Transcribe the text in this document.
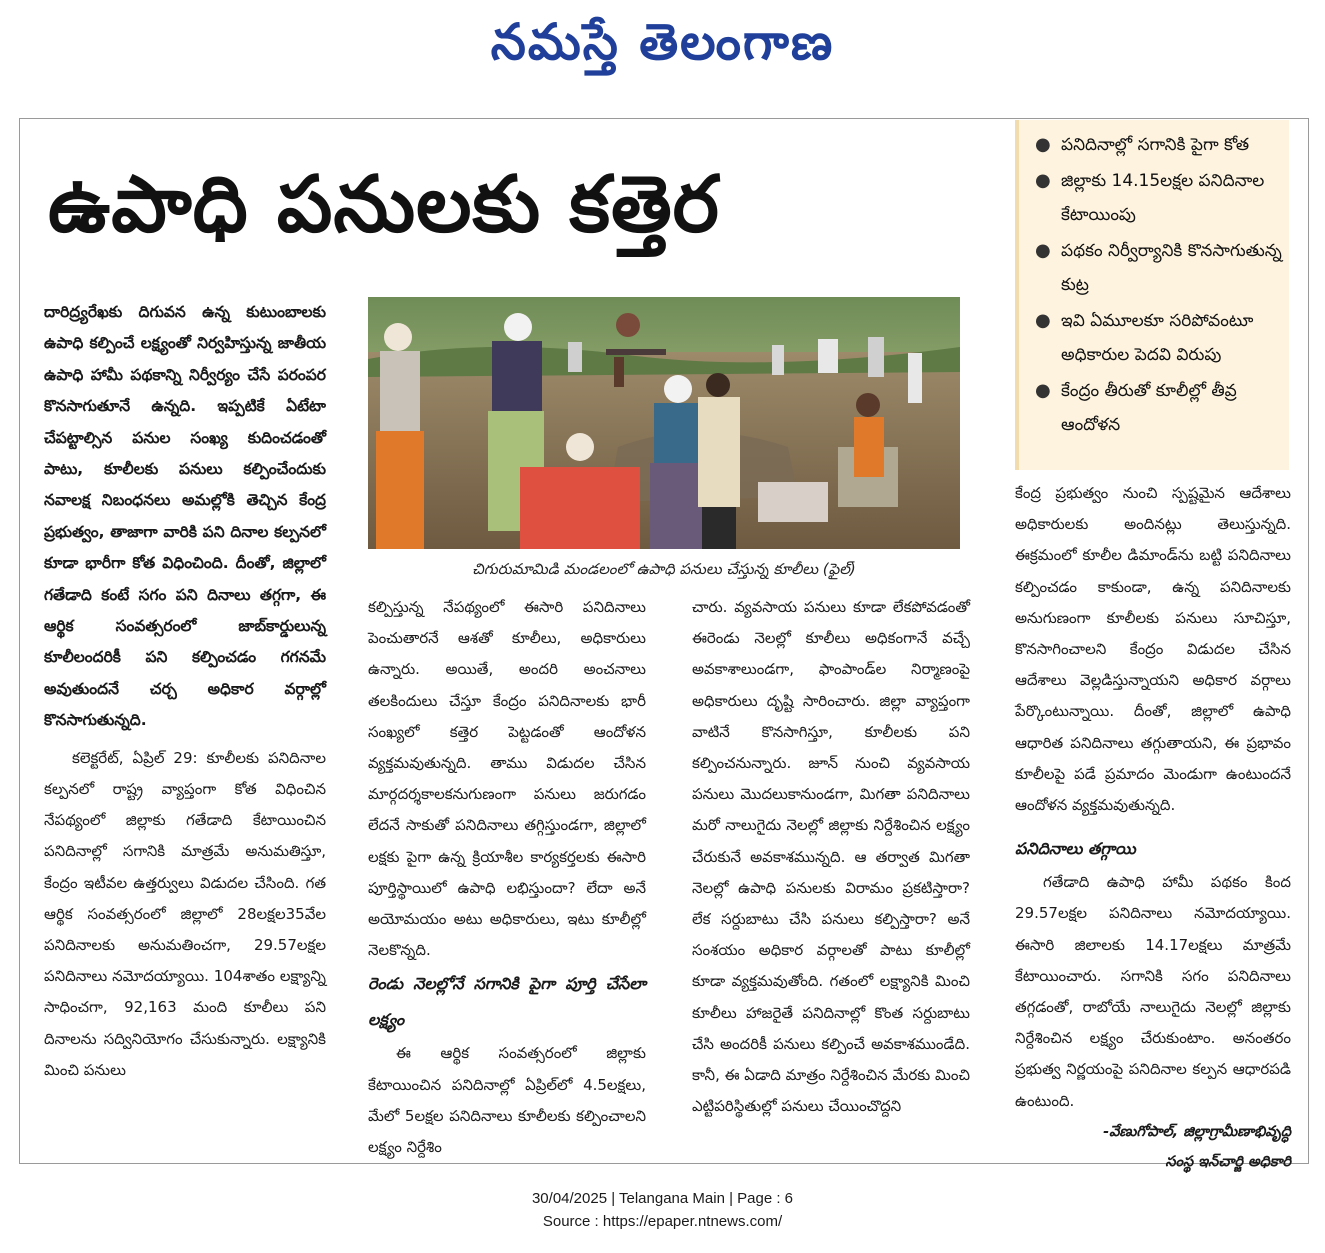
నమస్తే తెలంగాణ
ఉపాధి పనులకు కత్తెర
● పనిదినాల్లో సగానికి పైగా కోత
● జిల్లాకు 14.15లక్షల పనిదినాల కేటాయింపు
● పథకం నిర్వీర్యానికి కొనసాగుతున్న కుట్ర
● ఇవి ఏమూలకూ సరిపోవంటూ అధికారుల పెదవి విరుపు
● కేంద్రం తీరుతో కూలీల్లో తీవ్ర ఆందోళన
చిగురుమామిడి మండలంలో ఉపాధి పనులు చేస్తున్న కూలీలు (ఫైల్)

దారిద్ర్యరేఖకు దిగువన ఉన్న కుటుంబాలకు ఉపాధి కల్పించే లక్ష్యంతో నిర్వహిస్తున్న జాతీయ ఉపాధి హామీ పథకాన్ని నిర్వీర్యం చేసే పరంపర కొనసాగుతూనే ఉన్నది. ఇప్పటికే ఏటేటా చేపట్టాల్సిన పనుల సంఖ్య కుదించడంతో పాటు, కూలీలకు పనులు కల్పించేందుకు నవాలక్ష నిబంధనలు అమల్లోకి తెచ్చిన కేంద్ర ప్రభుత్వం, తాజాగా వారికి పని దినాల కల్పనలో కూడా భారీగా కోత విధించింది. దీంతో, జిల్లాలో గతేడాది కంటే సగం పని దినాలు తగ్గగా, ఈ ఆర్థిక సంవత్సరంలో జాబ్‌కార్డులున్న కూలీలందరికీ పని కల్పించడం గగనమే అవుతుందనే చర్చ అధికార వర్గాల్లో కొనసాగుతున్నది.

కలెక్టరేట్, ఏప్రిల్ 29: కూలీలకు పనిదినాల కల్పనలో రాష్ట్ర వ్యాప్తంగా కోత విధించిన నేపథ్యంలో జిల్లాకు గతేడాది కేటాయించిన పనిదినాల్లో సగానికి మాత్రమే అనుమతిస్తూ, కేంద్రం ఇటీవల ఉత్తర్వులు విడుదల చేసింది. గత ఆర్థిక సంవత్సరంలో జిల్లాలో 28లక్షల35వేల పనిదినాలకు అనుమతించగా, 29.57లక్షల పనిదినాలు నమోదయ్యాయి. 104శాతం లక్ష్యాన్ని సాధించగా, 92,163 మంది కూలీలు పని దినాలను సద్వినియోగం చేసుకున్నారు. లక్ష్యానికి మించి పనులు

కల్పిస్తున్న నేపథ్యంలో ఈసారి పనిదినాలు పెంచుతారనే ఆశతో కూలీలు, అధికారులు ఉన్నారు. అయితే, అందరి అంచనాలు తలకిందులు చేస్తూ కేంద్రం పనిదినాలకు భారీ సంఖ్యలో కత్తెర పెట్టడంతో ఆందోళన వ్యక్తమవుతున్నది. తాము విడుదల చేసిన మార్గదర్శకాలకనుగుణంగా పనులు జరుగడం లేదనే సాకుతో పనిదినాలు తగ్గిస్తుండగా, జిల్లాలో లక్షకు పైగా ఉన్న క్రియాశీల కార్యకర్తలకు ఈసారి పూర్తిస్థాయిలో ఉపాధి లభిస్తుందా? లేదా అనే అయోమయం అటు అధికారులు, ఇటు కూలీల్లో నెలకొన్నది.

రెండు నెలల్లోనే సగానికి పైగా పూర్తి చేసేలా లక్ష్యం

ఈ ఆర్థిక సంవత్సరంలో జిల్లాకు కేటాయించిన పనిదినాల్లో ఏప్రిల్‌లో 4.5లక్షలు, మేలో 5లక్షల పనిదినాలు కూలీలకు కల్పించాలని లక్ష్యం నిర్దేశిం

చారు. వ్యవసాయ పనులు కూడా లేకపోవడంతో ఈరెండు నెలల్లో కూలీలు అధికంగానే వచ్చే అవకాశాలుండగా, ఫాంపాండ్‌ల నిర్మాణంపై అధికారులు దృష్టి సారించారు. జిల్లా వ్యాప్తంగా వాటినే కొనసాగిస్తూ, కూలీలకు పని కల్పించనున్నారు. జూన్ నుంచి వ్యవసాయ పనులు మొదలుకానుండగా, మిగతా పనిదినాలు మరో నాలుగైదు నెలల్లో జిల్లాకు నిర్దేశించిన లక్ష్యం చేరుకునే అవకాశమున్నది. ఆ తర్వాత మిగతా నెలల్లో ఉపాధి పనులకు విరామం ప్రకటిస్తారా? లేక సర్దుబాటు చేసి పనులు కల్పిస్తారా? అనే సంశయం అధికార వర్గాలతో పాటు కూలీల్లో కూడా వ్యక్తమవుతోంది. గతంలో లక్ష్యానికి మించి కూలీలు హాజరైతే పనిదినాల్లో కొంత సర్దుబాటు చేసి అందరికీ పనులు కల్పించే అవకాశముండేది. కానీ, ఈ ఏడాది మాత్రం నిర్దేశించిన మేరకు మించి ఎట్టిపరిస్థితుల్లో పనులు చేయించొద్దని

కేంద్ర ప్రభుత్వం నుంచి స్పష్టమైన ఆదేశాలు అధికారులకు అందినట్లు తెలుస్తున్నది. ఈక్రమంలో కూలీల డిమాండ్‌ను బట్టి పనిదినాలు కల్పించడం కాకుండా, ఉన్న పనిదినాలకు అనుగుణంగా కూలీలకు పనులు సూచిస్తూ, కొనసాగించాలని కేంద్రం విడుదల చేసిన ఆదేశాలు వెల్లడిస్తున్నాయని అధికార వర్గాలు పేర్కొంటున్నాయి. దీంతో, జిల్లాలో ఉపాధి ఆధారిత పనిదినాలు తగ్గుతాయని, ఈ ప్రభావం కూలీలపై పడే ప్రమాదం మెండుగా ఉంటుందనే ఆందోళన వ్యక్తమవుతున్నది.

పనిదినాలు తగ్గాయి

గతేడాది ఉపాధి హామీ పథకం కింద 29.57లక్షల పనిదినాలు నమోదయ్యాయి. ఈసారి జిలాలకు 14.17లక్షలు మాత్రమే కేటాయించారు. సగానికి సగం పనిదినాలు తగ్గడంతో, రాబోయే నాలుగైదు నెలల్లో జిల్లాకు నిర్దేశించిన లక్ష్యం చేరుకుంటాం. అనంతరం ప్రభుత్వ నిర్ణయంపై పనిదినాల కల్పన ఆధారపడి ఉంటుంది.

-వేణుగోపాల్, జిల్లాగ్రామీణాభివృద్ధి

సంస్థ ఇన్‌చార్జి అధికారి

30/04/2025 | Telangana Main | Page : 6
Source : https://epaper.ntnews.com/
